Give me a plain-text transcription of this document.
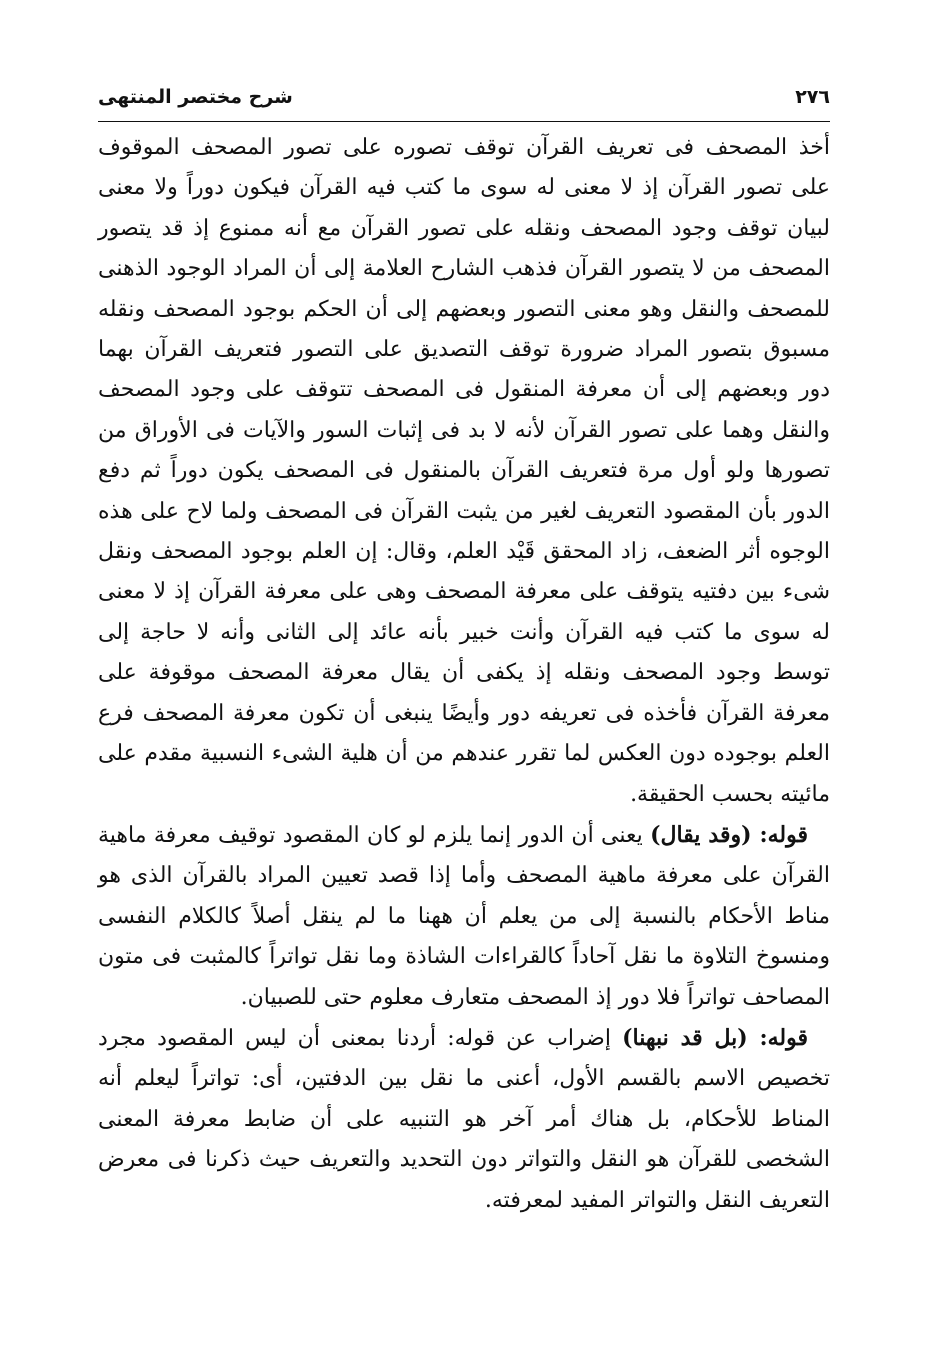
٢٧٦
شرح مختصر المنتهى

أخذ المصحف فى تعريف القرآن توقف تصوره على تصور المصحف الموقوف على تصور القرآن إذ لا معنى له سوى ما كتب فيه القرآن فيكون دوراً ولا معنى لبيان توقف وجود المصحف ونقله على تصور القرآن مع أنه ممنوع إذ قد يتصور المصحف من لا يتصور القرآن فذهب الشارح العلامة إلى أن المراد الوجود الذهنى للمصحف والنقل وهو معنى التصور وبعضهم إلى أن الحكم بوجود المصحف ونقله مسبوق بتصور المراد ضرورة توقف التصديق على التصور فتعريف القرآن بهما دور وبعضهم إلى أن معرفة المنقول فى المصحف تتوقف على وجود المصحف والنقل وهما على تصور القرآن لأنه لا بد فى إثبات السور والآيات فى الأوراق من تصورها ولو أول مرة فتعريف القرآن بالمنقول فى المصحف يكون دوراً ثم دفع الدور بأن المقصود التعريف لغير من يثبت القرآن فى المصحف ولما لاح على هذه الوجوه أثر الضعف، زاد المحقق قَيْد العلم، وقال: إن العلم بوجود المصحف ونقل شىء بين دفتيه يتوقف على معرفة المصحف وهى على معرفة القرآن إذ لا معنى له سوى ما كتب فيه القرآن وأنت خبير بأنه عائد إلى الثانى وأنه لا حاجة إلى توسط وجود المصحف ونقله إذ يكفى أن يقال معرفة المصحف موقوفة على معرفة القرآن فأخذه فى تعريفه دور وأيضًا ينبغى أن تكون معرفة المصحف فرع العلم بوجوده دون العكس لما تقرر عندهم من أن هلية الشىء النسبية مقدم على مائيته بحسب الحقيقة.

قوله: (وقد يقال) يعنى أن الدور إنما يلزم لو كان المقصود توقيف معرفة ماهية القرآن على معرفة ماهية المصحف وأما إذا قصد تعيين المراد بالقرآن الذى هو مناط الأحكام بالنسبة إلى من يعلم أن ههنا ما لم ينقل أصلاً كالكلام النفسى ومنسوخ التلاوة ما نقل آحاداً كالقراءات الشاذة وما نقل تواتراً كالمثبت فى متون المصاحف تواتراً فلا دور إذ المصحف متعارف معلوم حتى للصبيان.

قوله: (بل قد نبهنا) إضراب عن قوله: أردنا بمعنى أن ليس المقصود مجرد تخصيص الاسم بالقسم الأول، أعنى ما نقل بين الدفتين، أى: تواتراً ليعلم أنه المناط للأحكام، بل هناك أمر آخر هو التنبيه على أن ضابط معرفة المعنى الشخصى للقرآن هو النقل والتواتر دون التحديد والتعريف حيث ذكرنا فى معرض التعريف النقل والتواتر المفيد لمعرفته.
